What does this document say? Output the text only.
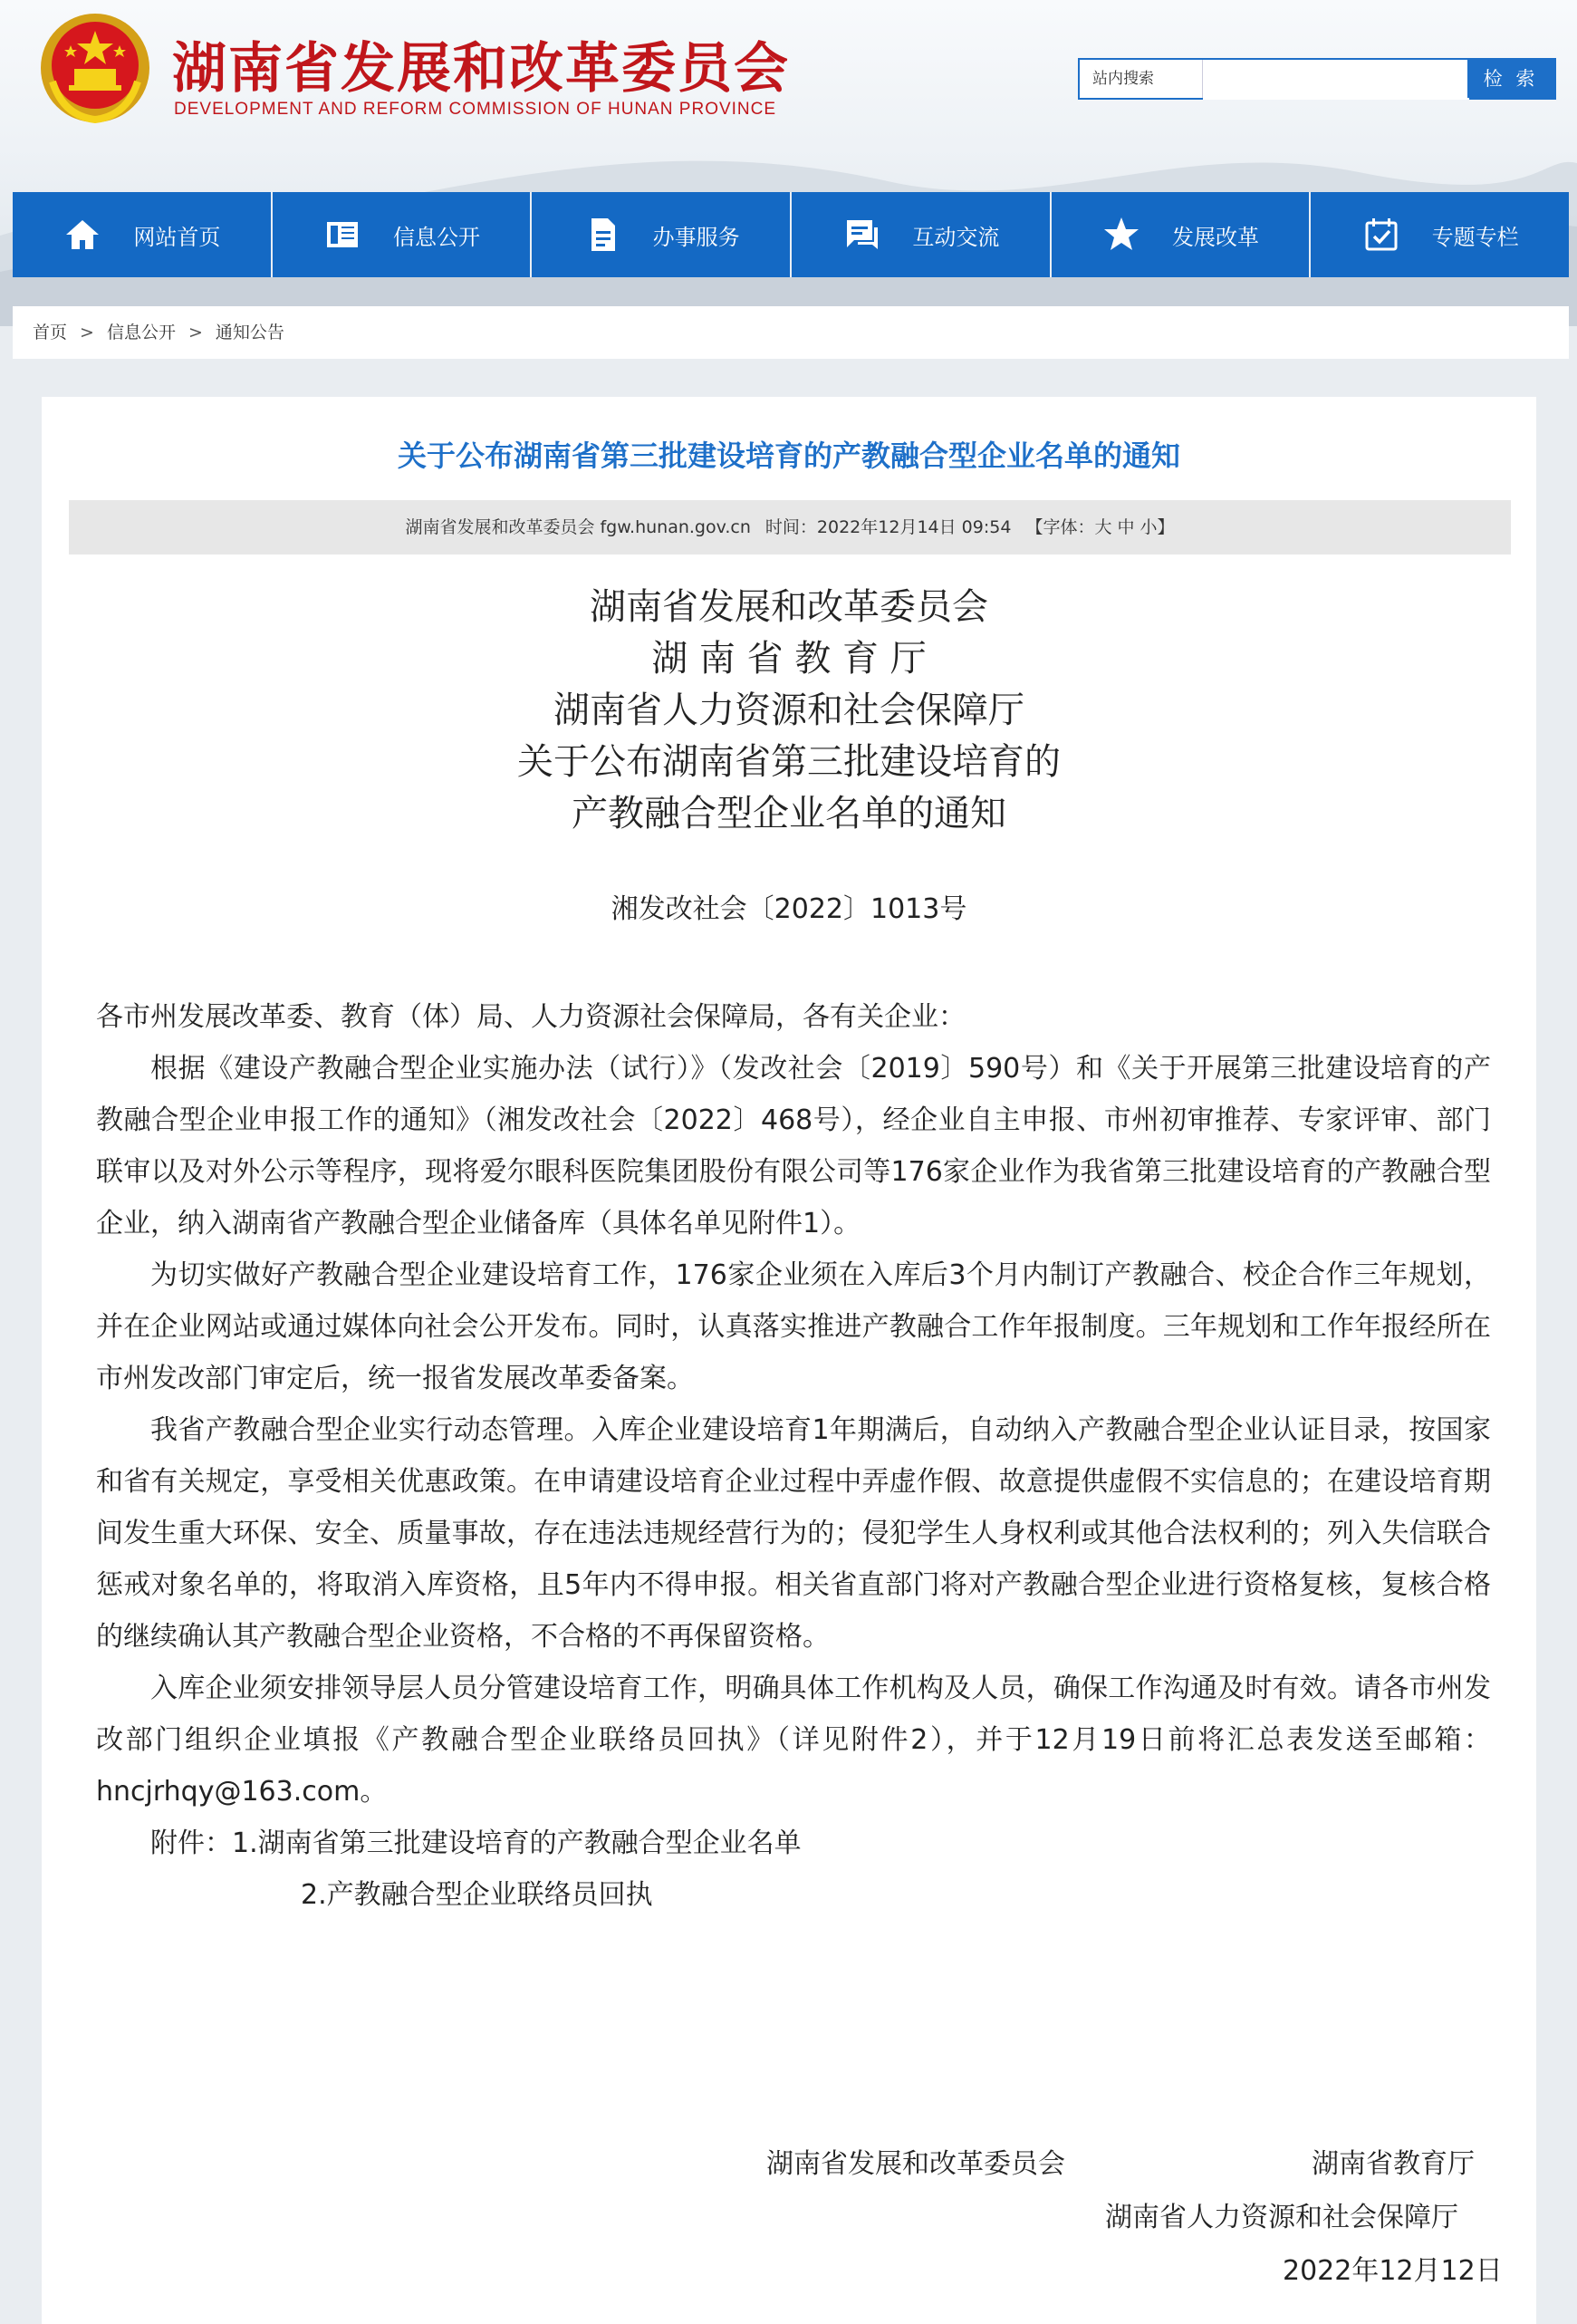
湖南省发展和改革委员会
DEVELOPMENT AND REFORM COMMISSION OF HUNAN PROVINCE
站内搜索	检 索
网站首页	信息公开	办事服务	互动交流	发展改革	专题专栏
首页 > 信息公开 > 通知公告
关于公布湖南省第三批建设培育的产教融合型企业名单的通知
湖南省发展和改革委员会 fgw.hunan.gov.cn 时间：2022年12月14日 09:54 【字体：大 中 小】
湖南省发展和改革委员会
湖 南 省 教 育 厅
湖南省人力资源和社会保障厅
关于公布湖南省第三批建设培育的
产教融合型企业名单的通知
湘发改社会〔2022〕1013号

各市州发展改革委、教育（体）局、人力资源社会保障局，各有关企业：

根据《建设产教融合型企业实施办法（试行）》（发改社会〔2019〕590号）和《关于开展第三批建设培育的产教融合型企业申报工作的通知》（湘发改社会〔2022〕468号），经企业自主申报、市州初审推荐、专家评审、部门联审以及对外公示等程序，现将爱尔眼科医院集团股份有限公司等176家企业作为我省第三批建设培育的产教融合型企业，纳入湖南省产教融合型企业储备库（具体名单见附件1）。

为切实做好产教融合型企业建设培育工作，176家企业须在入库后3个月内制订产教融合、校企合作三年规划，并在企业网站或通过媒体向社会公开发布。同时，认真落实推进产教融合工作年报制度。三年规划和工作年报经所在市州发改部门审定后，统一报省发展改革委备案。

我省产教融合型企业实行动态管理。入库企业建设培育1年期满后，自动纳入产教融合型企业认证目录，按国家和省有关规定，享受相关优惠政策。在申请建设培育企业过程中弄虚作假、故意提供虚假不实信息的；在建设培育期间发生重大环保、安全、质量事故，存在违法违规经营行为的；侵犯学生人身权利或其他合法权利的；列入失信联合惩戒对象名单的，将取消入库资格，且5年内不得申报。相关省直部门将对产教融合型企业进行资格复核，复核合格的继续确认其产教融合型企业资格，不合格的不再保留资格。

入库企业须安排领导层人员分管建设培育工作，明确具体工作机构及人员，确保工作沟通及时有效。请各市州发改部门组织企业填报《产教融合型企业联络员回执》（详见附件2），并于12月19日前将汇总表发送至邮箱：hncjrhqy@163.com。

附件：1.湖南省第三批建设培育的产教融合型企业名单

2.产教融合型企业联络员回执

湖南省发展和改革委员会	湖南省教育厅
湖南省人力资源和社会保障厅
2022年12月12日
